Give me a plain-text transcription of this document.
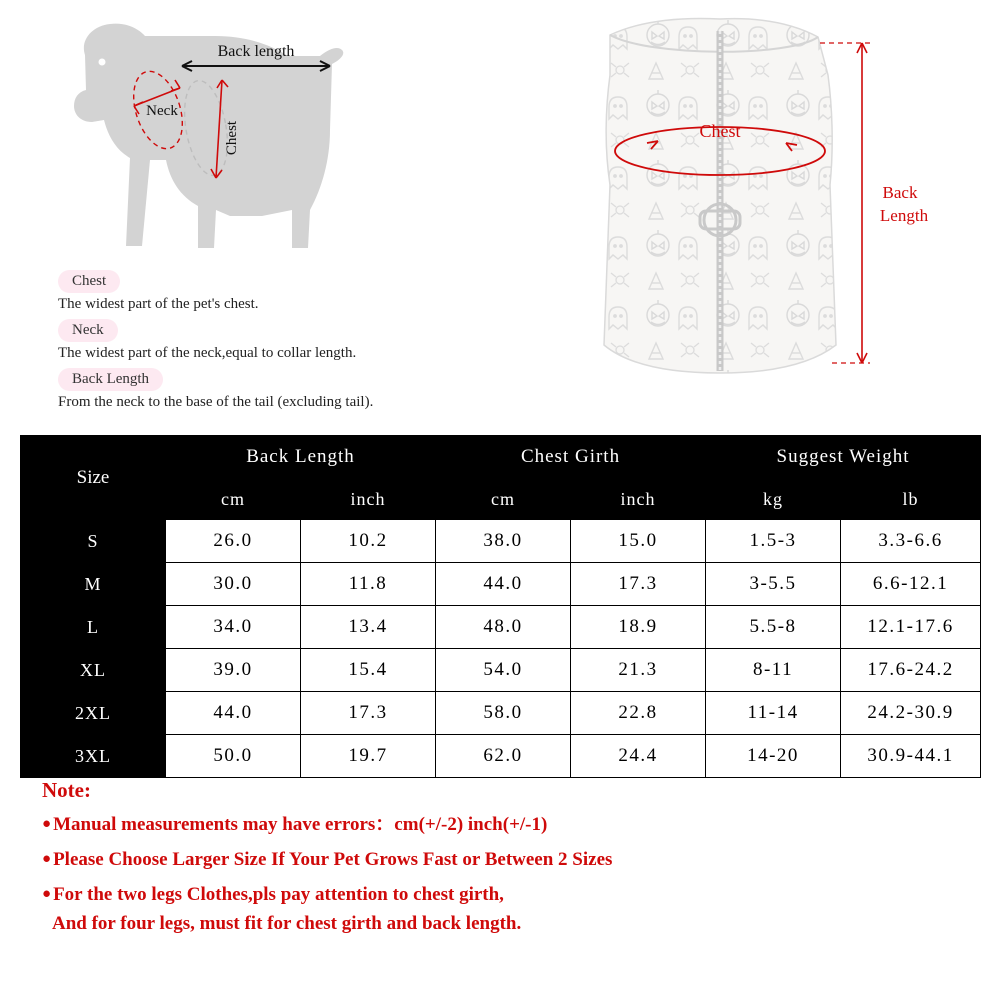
Neck
Chest
Back length
Chest
Back
Length
Chest
The widest part of the pet's chest.
Neck
The widest part of the neck,equal to collar length.
Back Length
From the neck to the base of the tail (excluding tail).
Size	Back Length		Chest Girth		Suggest Weight	
	cm	inch	cm	inch	kg	lb
S	26.0	10.2	38.0	15.0	1.5-3	3.3-6.6
M	30.0	11.8	44.0	17.3	3-5.5	6.6-12.1
L	34.0	13.4	48.0	18.9	5.5-8	12.1-17.6
XL	39.0	15.4	54.0	21.3	8-11	17.6-24.2
2XL	44.0	17.3	58.0	22.8	11-14	24.2-30.9
3XL	50.0	19.7	62.0	24.4	14-20	30.9-44.1
Note:
● Manual measurements may have errors：cm(+/-2) inch(+/-1)
● Please Choose Larger Size If Your Pet Grows Fast or Between 2 Sizes
● For the two legs Clothes,pls pay attention to chest girth,
And for four legs, must fit for chest girth and back length.
